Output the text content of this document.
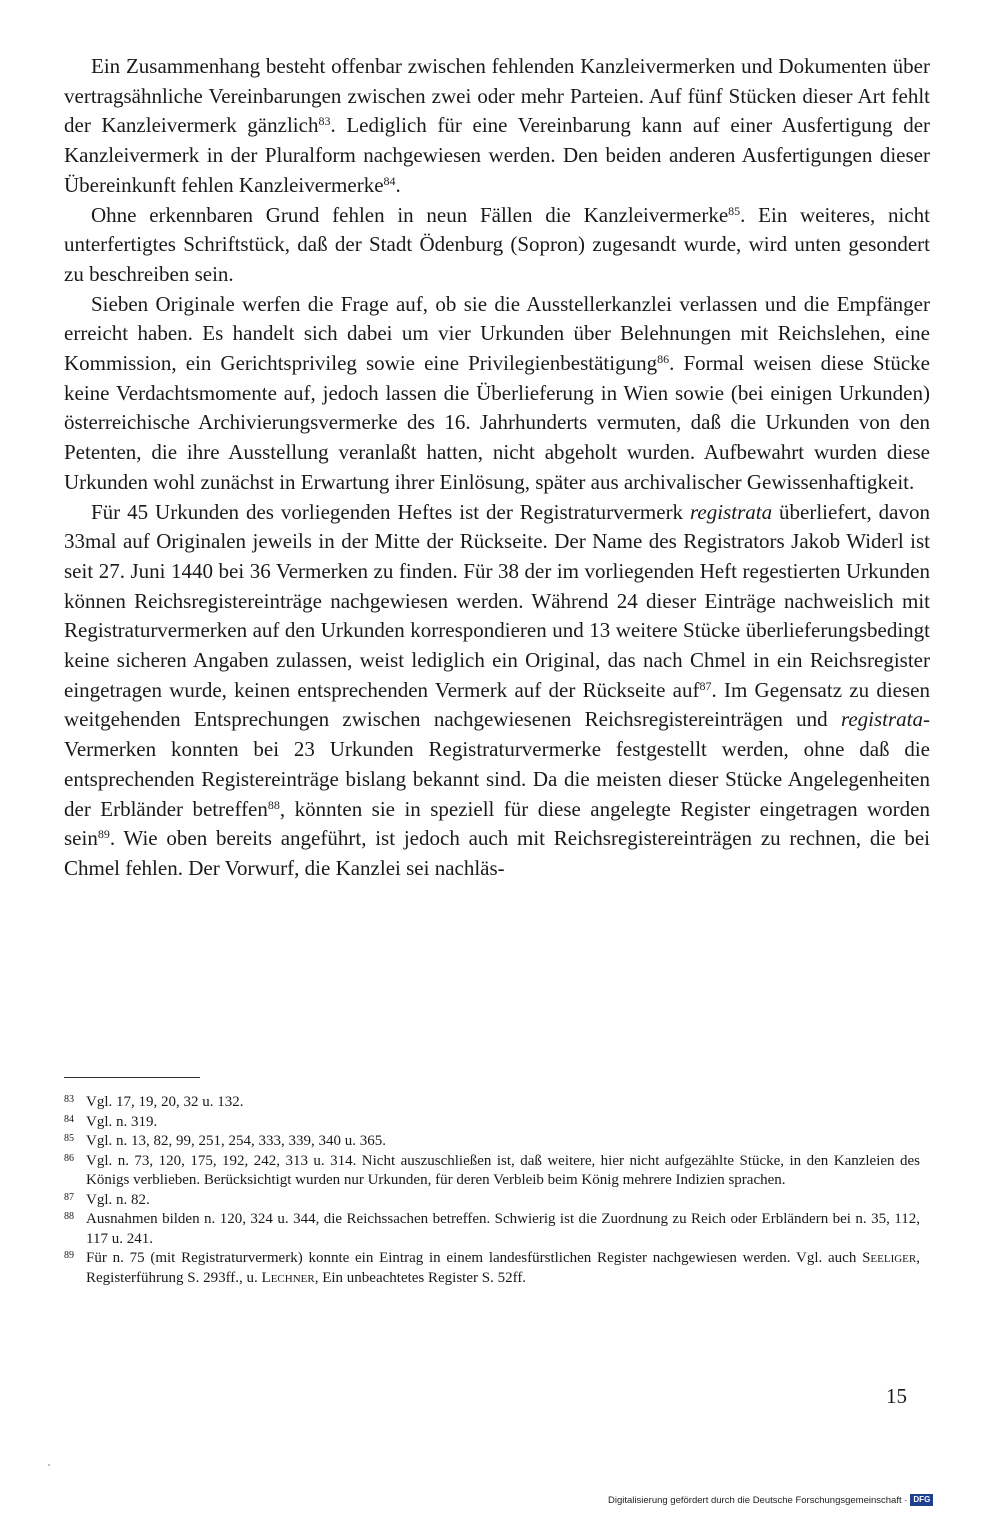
Ein Zusammenhang besteht offenbar zwischen fehlenden Kanzleivermerken und Dokumenten über vertragsähnliche Vereinbarungen zwischen zwei oder mehr Parteien. Auf fünf Stücken dieser Art fehlt der Kanzleivermerk gänzlich$^{83}$. Lediglich für eine Vereinbarung kann auf einer Ausfertigung der Kanzleivermerk in der Pluralform nachgewiesen werden. Den beiden anderen Ausfertigungen dieser Übereinkunft fehlen Kanzleivermerke$^{84}$.

Ohne erkennbaren Grund fehlen in neun Fällen die Kanzleivermerke$^{85}$. Ein weiteres, nicht unterfertigtes Schriftstück, daß der Stadt Ödenburg (Sopron) zugesandt wurde, wird unten gesondert zu beschreiben sein.

Sieben Originale werfen die Frage auf, ob sie die Ausstellerkanzlei verlassen und die Empfänger erreicht haben. Es handelt sich dabei um vier Urkunden über Belehnungen mit Reichslehen, eine Kommission, ein Gerichtsprivileg sowie eine Privilegienbestätigung$^{86}$. Formal weisen diese Stücke keine Verdachtsmomente auf, jedoch lassen die Überlieferung in Wien sowie (bei einigen Urkunden) österreichische Archivierungsvermerke des 16. Jahrhunderts vermuten, daß die Urkunden von den Petenten, die ihre Ausstellung veranlaßt hatten, nicht abgeholt wurden. Aufbewahrt wurden diese Urkunden wohl zunächst in Erwartung ihrer Einlösung, später aus archivalischer Gewissenhaftigkeit.

Für 45 Urkunden des vorliegenden Heftes ist der Registraturvermerk registrata überliefert, davon 33mal auf Originalen jeweils in der Mitte der Rückseite. Der Name des Registrators Jakob Widerl ist seit 27. Juni 1440 bei 36 Vermerken zu finden. Für 38 der im vorliegenden Heft regestierten Urkunden können Reichsregistereinträge nachgewiesen werden. Während 24 dieser Einträge nachweislich mit Registraturvermerken auf den Urkunden korrespondieren und 13 weitere Stücke überlieferungsbedingt keine sicheren Angaben zulassen, weist lediglich ein Original, das nach Chmel in ein Reichsregister eingetragen wurde, keinen entsprechenden Vermerk auf der Rückseite auf$^{87}$. Im Gegensatz zu diesen weitgehenden Entsprechungen zwischen nachgewiesenen Reichsregistereinträgen und registrata-Vermerken konnten bei 23 Urkunden Registraturvermerke festgestellt werden, ohne daß die entsprechenden Registereinträge bislang bekannt sind. Da die meisten dieser Stücke Angelegenheiten der Erbländer betreffen$^{88}$, könnten sie in speziell für diese angelegte Register eingetragen worden sein$^{89}$. Wie oben bereits angeführt, ist jedoch auch mit Reichsregistereinträgen zu rechnen, die bei Chmel fehlen. Der Vorwurf, die Kanzlei sei nachläs-

83 Vgl. 17, 19, 20, 32 u. 132.
84 Vgl. n. 319.
85 Vgl. n. 13, 82, 99, 251, 254, 333, 339, 340 u. 365.
86 Vgl. n. 73, 120, 175, 192, 242, 313 u. 314. Nicht auszuschließen ist, daß weitere, hier nicht aufgezählte Stücke, in den Kanzleien des Königs verblieben. Berücksichtigt wurden nur Urkunden, für deren Verbleib beim König mehrere Indizien sprachen.
87 Vgl. n. 82.
88 Ausnahmen bilden n. 120, 324 u. 344, die Reichssachen betreffen. Schwierig ist die Zuordnung zu Reich oder Erbländern bei n. 35, 112, 117 u. 241.
89 Für n. 75 (mit Registraturvermerk) konnte ein Eintrag in einem landesfürstlichen Register nachgewiesen werden. Vgl. auch Seeliger, Registerführung S. 293ff., u. Lechner, Ein unbeachtetes Register S. 52ff.
15
Digitalisierung gefördert durch die Deutsche Forschungsgemeinschaft · DFG
